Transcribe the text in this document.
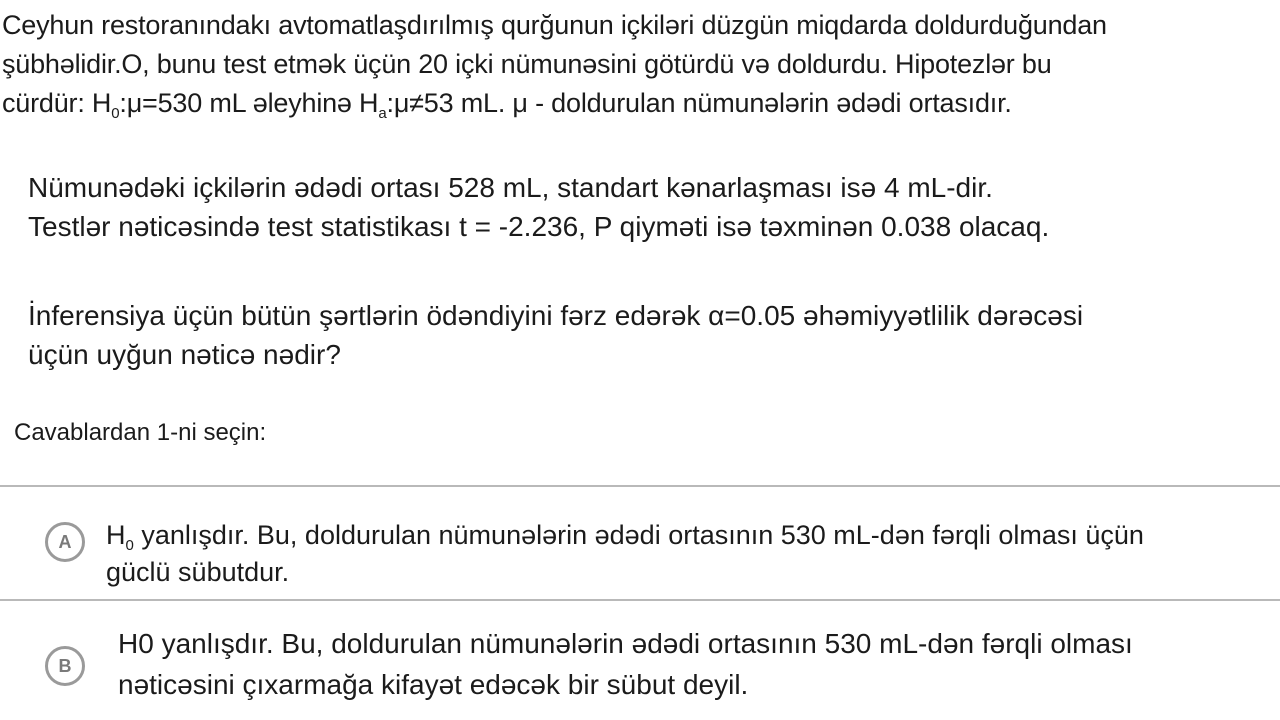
Ceyhun restoranındakı avtomatlaşdırılmış qurğunun içkiləri düzgün miqdarda doldurduğundan

şübhəlidir.O, bunu test etmək üçün 20 içki nümunəsini götürdü və doldurdu. Hipotezlər bu

cürdür: $H_0:\mu=530$ mL əleyhinə $H_a:\mu\ne 53$ mL. μ - doldurulan nümunələrin ədədi ortasıdır.

Nümunədəki içkilərin ədədi ortası 528 mL, standart kənarlaşması isə 4 mL-dir.

Testlər nəticəsində test statistikası t = -2.236, P qiyməti isə təxminən 0.038 olacaq.

İnferensiya üçün bütün şərtlərin ödəndiyini fərz edərək α=0.05 əhəmiyyətlilik dərəcəsi

üçün uyğun nəticə nədir?

Cavablardan 1-ni seçin:
A	$H_0$ yanlışdır. Bu, doldurulan nümunələrin ədədi ortasının 530 mL-dən fərqli olması üçün

güclü sübutdur.

B

H0 yanlışdır. Bu, doldurulan nümunələrin ədədi ortasının 530 mL-dən fərqli olması

nəticəsini çıxarmağa kifayət edəcək bir sübut deyil.
